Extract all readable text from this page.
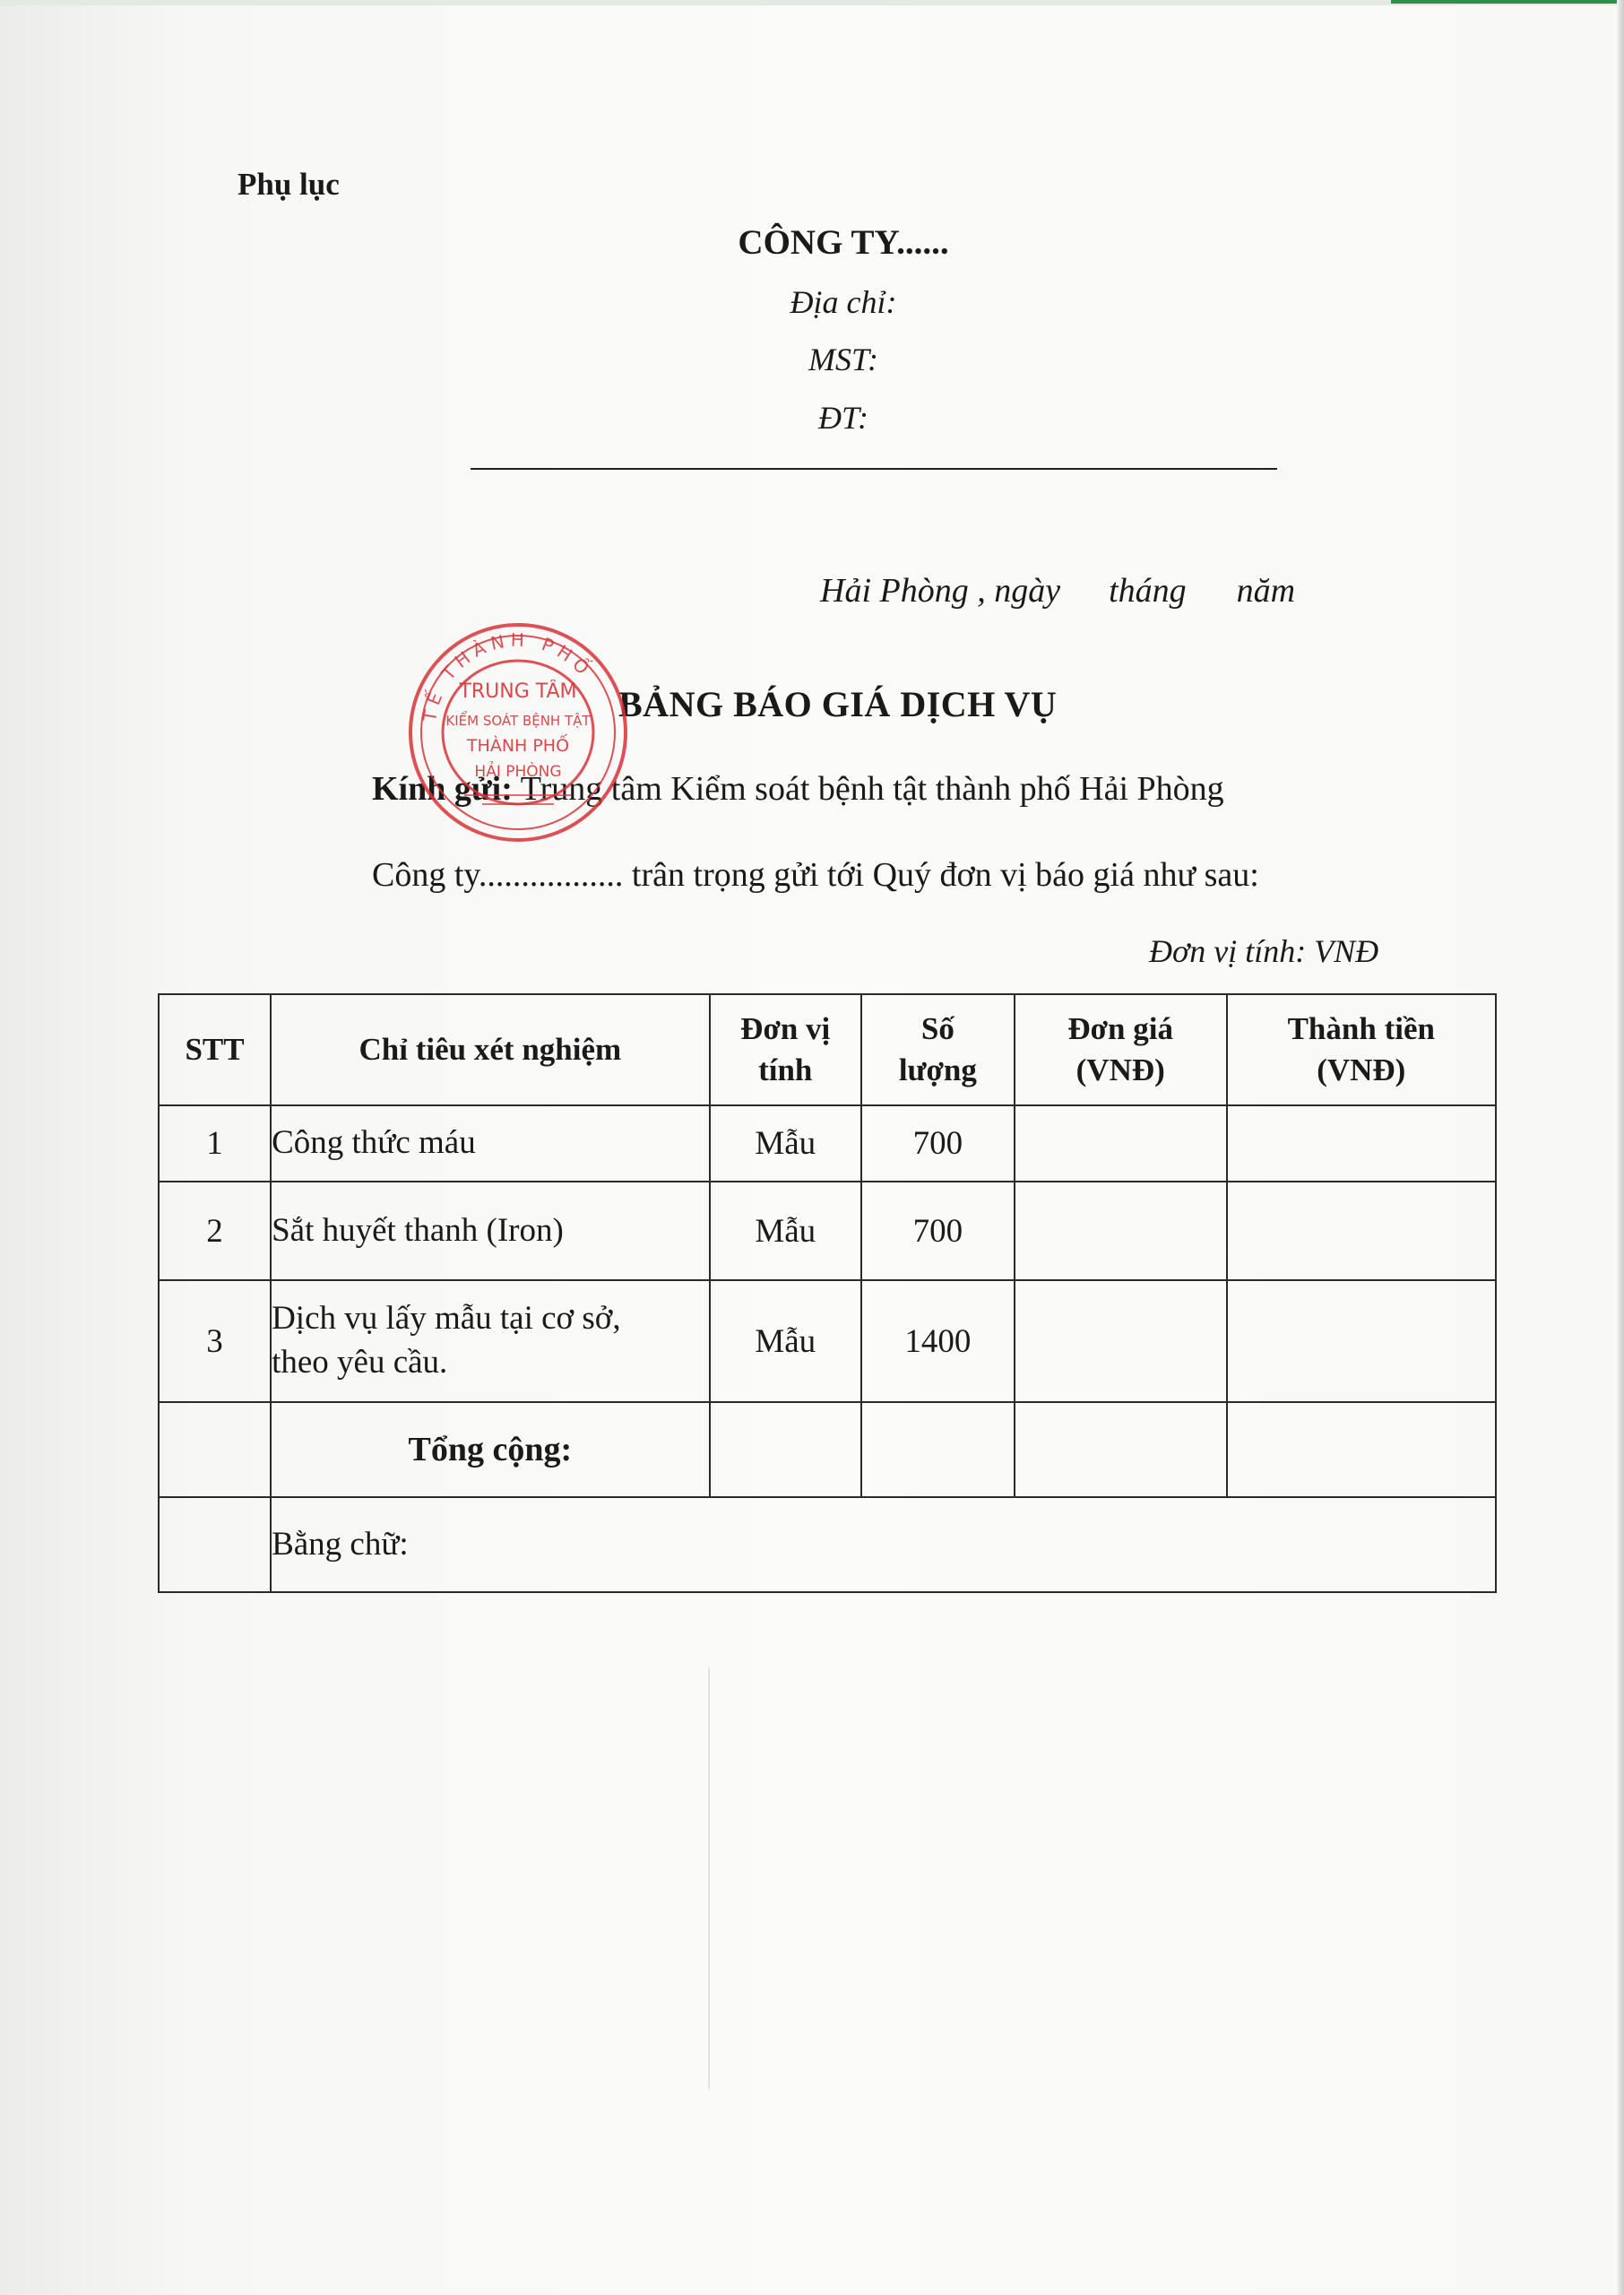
Phụ lục
CÔNG TY......
Địa chỉ:
MST:
ĐT:
Hải Phòng , ngày tháng năm
BẢNG BÁO GIÁ DỊCH VỤ
Kính gửi: Trung tâm Kiểm soát bệnh tật thành phố Hải Phòng
Công ty................. trân trọng gửi tới Quý đơn vị báo giá như sau:
Đơn vị tính: VNĐ
STT	Chỉ tiêu xét nghiệm	Đơn vị tính	Số lượng	Đơn giá (VNĐ)	Thành tiền (VNĐ)

1	Công thức máu	Mẫu	700		
2	Sắt huyết thanh (Iron)	Mẫu	700		
3	Dịch vụ lấy mẫu tại cơ sở, theo yêu cầu.	Mẫu	1400		
	Tổng cộng:				
	Bằng chữ:				
TẾ THÀNH PHỐ
TRUNG TÂM
KIỂM SOÁT BỆNH TẬT
THÀNH PHỐ
HẢI PHÒNG
